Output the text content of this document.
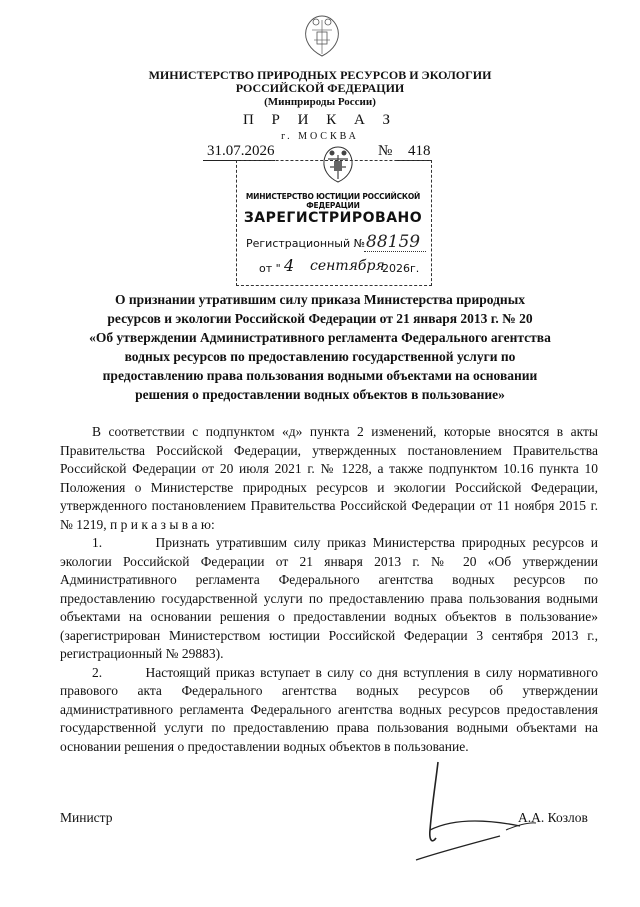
МИНИСТЕРСТВО ПРИРОДНЫХ РЕСУРСОВ И ЭКОЛОГИИ
РОССИЙСКОЙ ФЕДЕРАЦИИ
(Минприроды России)
П Р И К А З
г. МОСКВА
31.07.2026	№ 418
МИНИСТЕРСТВО ЮСТИЦИИ РОССИЙСКОЙ ФЕДЕРАЦИИ
ЗАРЕГИСТРИРОВАНО
Регистрационный № 88159
от " 4 сентября
2026г.
О признании утратившим силу приказа Министерства природных
ресурсов и экологии Российской Федерации от 21 января 2013 г. № 20
«Об утверждении Административного регламента Федерального агентства
водных ресурсов по предоставлению государственной услуги по
предоставлению права пользования водными объектами на основании
решения о предоставлении водных объектов в пользование»

В соответствии с подпунктом «д» пункта 2 изменений, которые вносятся в акты Правительства Российской Федерации, утвержденных постановлением Правительства Российской Федерации от 20 июля 2021 г. № 1228, а также подпунктом 10.16 пункта 10 Положения о Министерстве природных ресурсов и экологии Российской Федерации, утвержденного постановлением Правительства Российской Федерации от 11 ноября 2015 г. № 1219, п р и к а з ы в а ю:

1.	Признать утратившим силу приказ Министерства природных ресурсов и экологии Российской Федерации от 21 января 2013 г. № 20 «Об утверждении Административного регламента Федерального агентства водных ресурсов по предоставлению государственной услуги по предоставлению права пользования водными объектами на основании решения о предоставлении водных объектов в пользование» (зарегистрирован Министерством юстиции Российской Федерации 3 сентября 2013 г., регистрационный № 29883).

2.	Настоящий приказ вступает в силу со дня вступления в силу нормативного правового акта Федерального агентства водных ресурсов об утверждении административного регламента Федерального агентства водных ресурсов предоставления государственной услуги по предоставлению права пользования водными объектами на основании решения о предоставлении водных объектов в пользование.

Министр	А.А. Козлов
